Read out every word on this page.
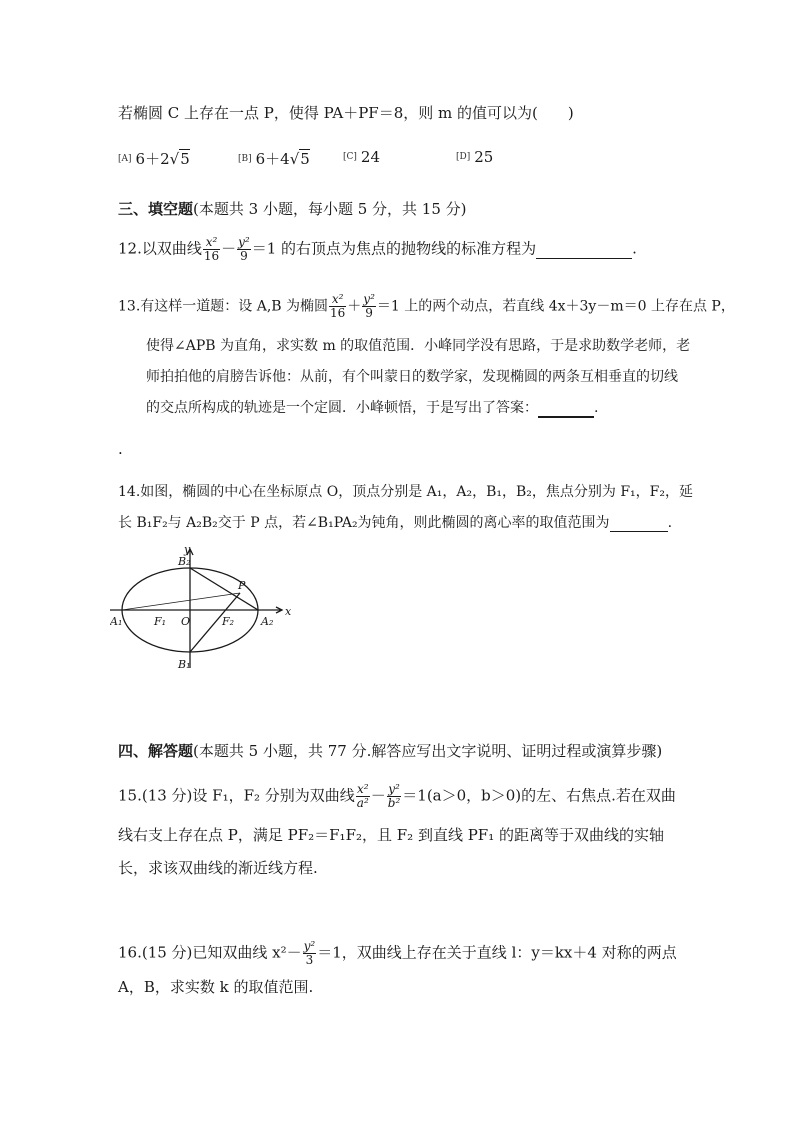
若椭圆 C 上存在一点 P，使得 PA＋PF＝8，则 m 的值可以为(　　)
[A] 6＋2√5	[B] 6＋4√5	[C] 24	[D] 25
三、填空题(本题共 3 小题，每小题 5 分，共 15 分)
12.以双曲线 $\frac{\text{x²}}{16} - \frac{\text{y²}}{9} =1$ 的右顶点为焦点的抛物线的标准方程为	.
13.有这样一道题：设 A,B 为椭圆 $\frac{\text{x²}}{16} + \frac{\text{y²}}{9} =1$ 上的两个动点，若直线 4x＋3y－m＝0 上存在点 P，
使得∠APB 为直角，求实数 m 的取值范围．小峰同学没有思路，于是求助数学老师，老
师拍拍他的肩膀告诉他：从前，有个叫蒙日的数学家，发现椭圆的两条互相垂直的切线
的交点所构成的轨迹是一个定圆．小峰顿悟，于是写出了答案：	.
.
14.如图，椭圆的中心在坐标原点 O，顶点分别是 A₁，A₂，B₁，B₂，焦点分别为 F₁，F₂，延
长 B₁F₂与 A₂B₂交于 P 点，若∠B₁PA₂为钝角，则此椭圆的离心率的取值范围为	.
y
x
O
A₁	A₂
B₁
B₂
F₁	F₂
P
四、解答题(本题共 5 小题，共 77 分.解答应写出文字说明、证明过程或演算步骤)
15.(13 分)设 F₁，F₂ 分别为双曲线 $\frac{\text{x²}}{\text{a²}} - \frac{\text{y²}}{\text{b²}} =1(a>0$，b＞0)的左、右焦点.若在双曲
线右支上存在点 P，满足 PF₂＝F₁F₂，且 F₂ 到直线 PF₁ 的距离等于双曲线的实轴
长，求该双曲线的渐近线方程.
16.(15 分)已知双曲线 $x^2- \frac{\text{y²}}{3} =1$，双曲线上存在关于直线 l：y＝kx＋4 对称的两点
A，B，求实数 k 的取值范围.
